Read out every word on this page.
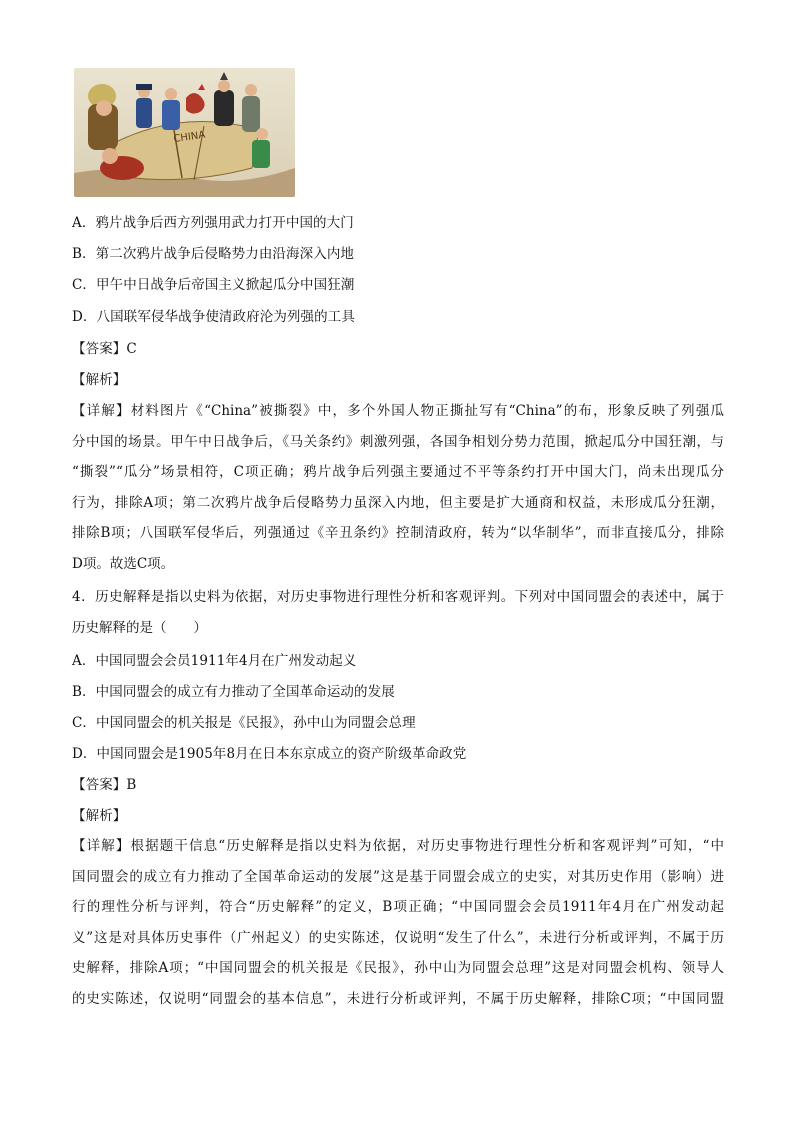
CHINA
A．鸦片战争后西方列强用武力打开中国的大门
B．第二次鸦片战争后侵略势力由沿海深入内地
C．甲午中日战争后帝国主义掀起瓜分中国狂潮
D．八国联军侵华战争使清政府沦为列强的工具
【答案】C
【解析】
【详解】材料图片《“China”被撕裂》中，多个外国人物正撕扯写有“China”的布，形象反映了列强瓜
分中国的场景。甲午中日战争后，《马关条约》刺激列强，各国争相划分势力范围，掀起瓜分中国狂潮，与
“撕裂”“瓜分”场景相符，C项正确；鸦片战争后列强主要通过不平等条约打开中国大门，尚未出现瓜分
行为，排除A项；第二次鸦片战争后侵略势力虽深入内地，但主要是扩大通商和权益，未形成瓜分狂潮，
排除B项；八国联军侵华后，列强通过《辛丑条约》控制清政府，转为“以华制华”，而非直接瓜分，排除
D项。故选C项。
4．历史解释是指以史料为依据，对历史事物进行理性分析和客观评判。下列对中国同盟会的表述中，属于
历史解释的是（　　）
A．中国同盟会会员1911年4月在广州发动起义
B．中国同盟会的成立有力推动了全国革命运动的发展
C．中国同盟会的机关报是《民报》，孙中山为同盟会总理
D．中国同盟会是1905年8月在日本东京成立的资产阶级革命政党
【答案】B
【解析】
【详解】根据题干信息“历史解释是指以史料为依据，对历史事物进行理性分析和客观评判”可知，“中
国同盟会的成立有力推动了全国革命运动的发展”这是基于同盟会成立的史实，对其历史作用（影响）进
行的理性分析与评判，符合“历史解释”的定义，B项正确；“中国同盟会会员1911年4月在广州发动起
义”这是对具体历史事件（广州起义）的史实陈述，仅说明“发生了什么”，未进行分析或评判，不属于历
史解释，排除A项；“中国同盟会的机关报是《民报》，孙中山为同盟会总理”这是对同盟会机构、领导人
的史实陈述，仅说明“同盟会的基本信息”，未进行分析或评判，不属于历史解释，排除C项；“中国同盟
